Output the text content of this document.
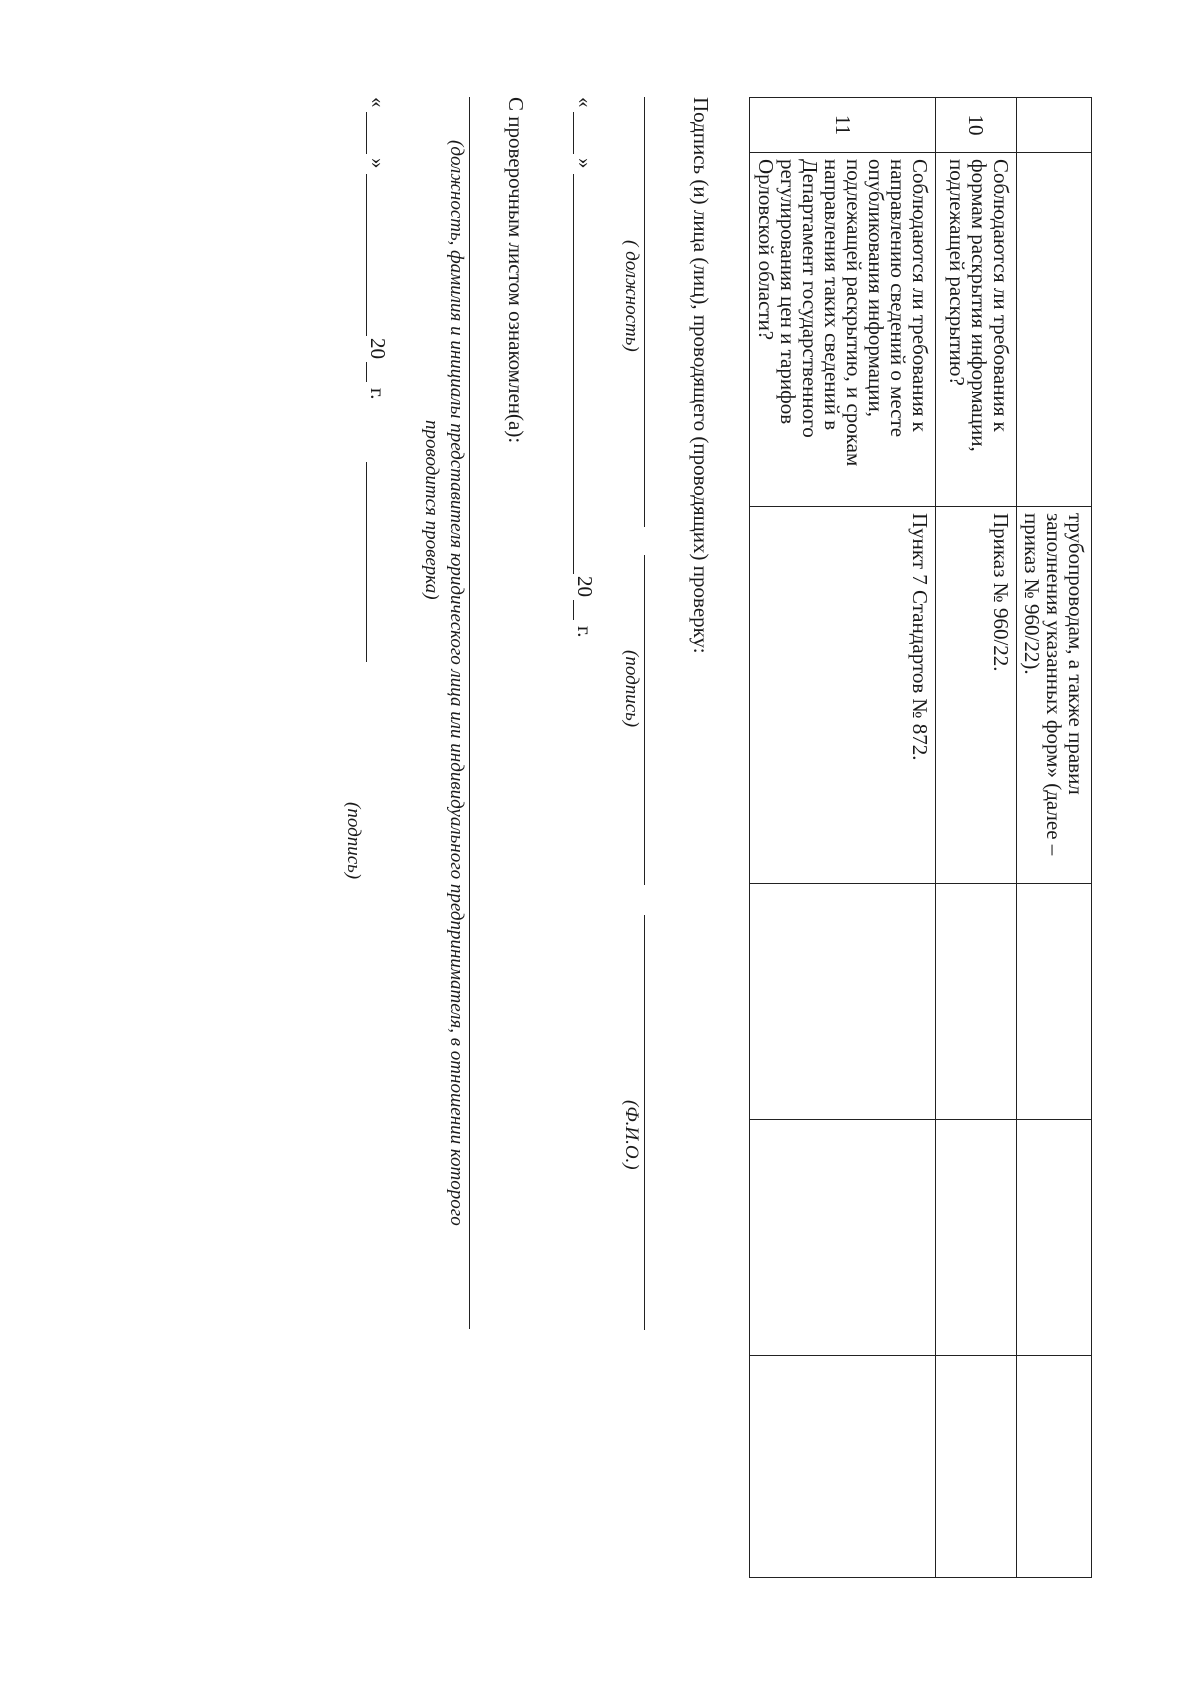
		трубопроводам, а также правил заполнения указанных форм» (далее – приказ № 960/22).			
10	Соблюдаются ли требования к формам раскрытия информации, подлежащей раскрытию?	Приказ № 960/22.			
11	Соблюдаются ли требования к направлению сведений о месте опубликования информации, подлежащей раскрытию, и срокам направления таких сведений в Департамент государственного регулирования цен и тарифов Орловской области?	Пункт 7 Стандартов № 872.			
Подпись (и) лица (лиц), проводящего (проводящих) проверку:
( должность)
(подпись)
(Ф.И.О.)
«
»
20
г.
С проверочным листом ознакомлен(а):
(должность, фамилия и инициалы представителя юридического лица или индивидуального предпринимателя, в отношении которого
проводится проверка)
«
»
20
г.
(подпись)
